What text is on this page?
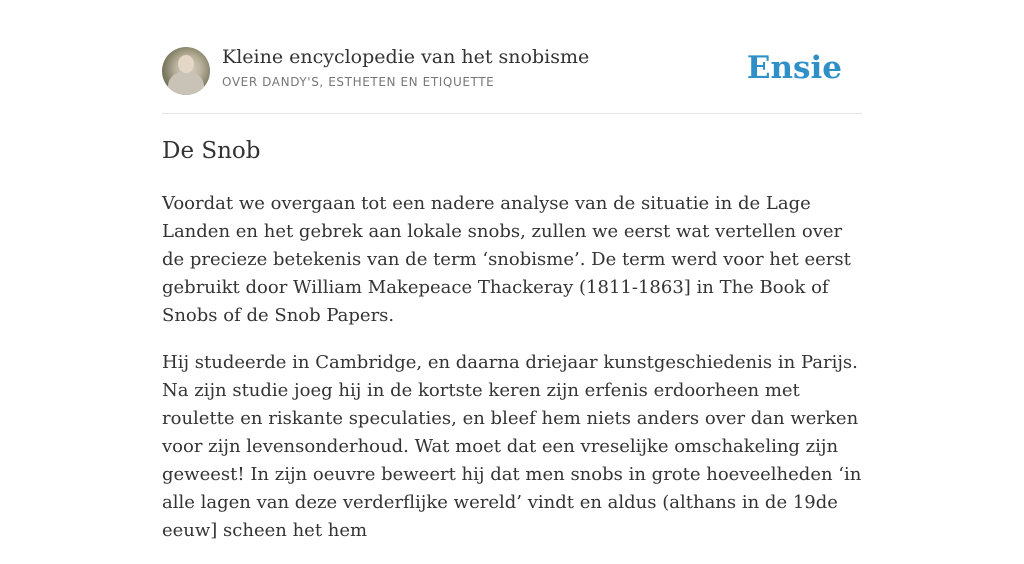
Kleine encyclopedie van het snobisme
OVER DANDY'S, ESTHETEN EN ETIQUETTE	Ensie
De Snob

Voordat we overgaan tot een nadere analyse van de situatie in de Lage Landen en het gebrek aan lokale snobs, zullen we eerst wat vertellen over de precieze betekenis van de term ‘snobisme’. De term werd voor het eerst gebruikt door William Makepeace Thackeray (1811-1863] in The Book of Snobs of de Snob Papers.

Hij studeerde in Cambridge, en daarna driejaar kunstgeschiedenis in Parijs. Na zijn studie joeg hij in de kortste keren zijn erfenis erdoorheen met roulette en riskante speculaties, en bleef hem niets anders over dan werken voor zijn levensonderhoud. Wat moet dat een vreselijke omschakeling zijn geweest! In zijn oeuvre beweert hij dat men snobs in grote hoeveelheden ‘in alle lagen van deze verderflijke wereld’ vindt en aldus (althans in de 19de eeuw] scheen het hem
